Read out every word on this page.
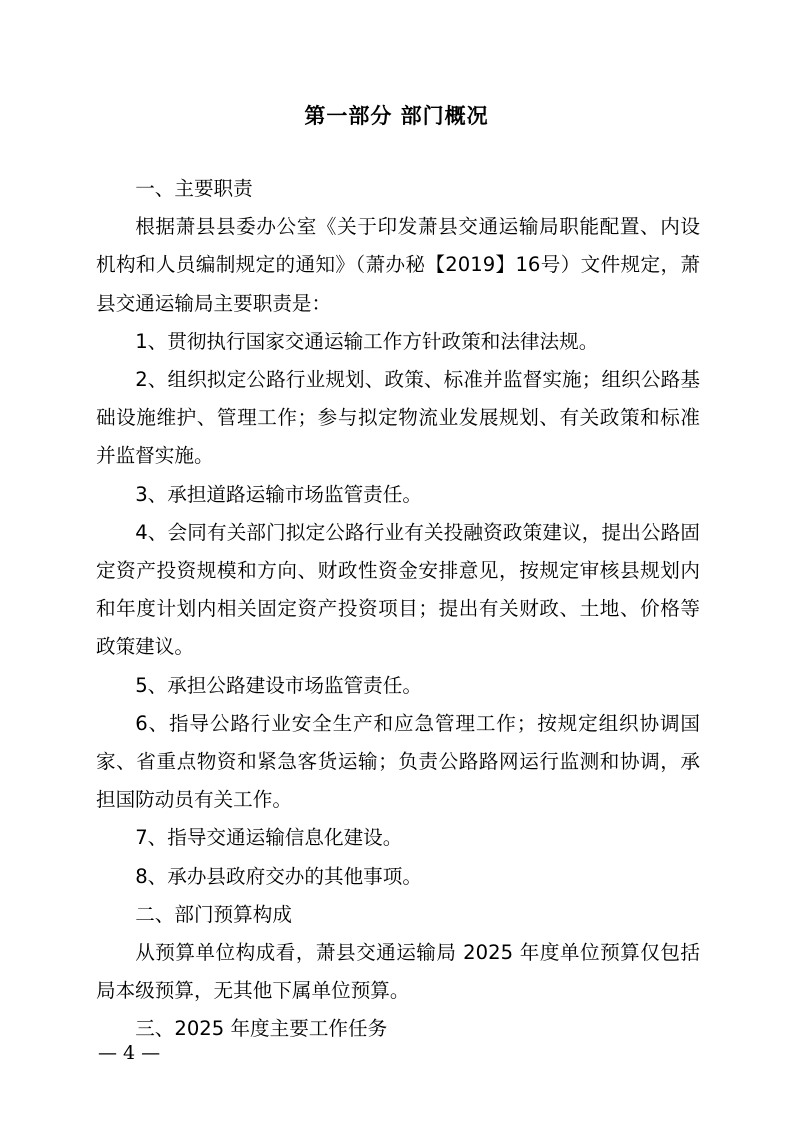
第一部分 部门概况

一、主要职责

根据萧县县委办公室《关于印发萧县交通运输局职能配置、内设机构和人员编制规定的通知》（萧办秘【2019】16号）文件规定，萧县交通运输局主要职责是：

1、贯彻执行国家交通运输工作方针政策和法律法规。

2、组织拟定公路行业规划、政策、标准并监督实施；组织公路基础设施维护、管理工作；参与拟定物流业发展规划、有关政策和标准并监督实施。

3、承担道路运输市场监管责任。

4、会同有关部门拟定公路行业有关投融资政策建议，提出公路固定资产投资规模和方向、财政性资金安排意见，按规定审核县规划内和年度计划内相关固定资产投资项目；提出有关财政、土地、价格等政策建议。

5、承担公路建设市场监管责任。

6、指导公路行业安全生产和应急管理工作；按规定组织协调国家、省重点物资和紧急客货运输；负责公路路网运行监测和协调，承担国防动员有关工作。

7、指导交通运输信息化建设。

8、承办县政府交办的其他事项。

二、部门预算构成

从预算单位构成看，萧县交通运输局 2025 年度单位预算仅包括局本级预算，无其他下属单位预算。

三、2025 年度主要工作任务

— 4 —
